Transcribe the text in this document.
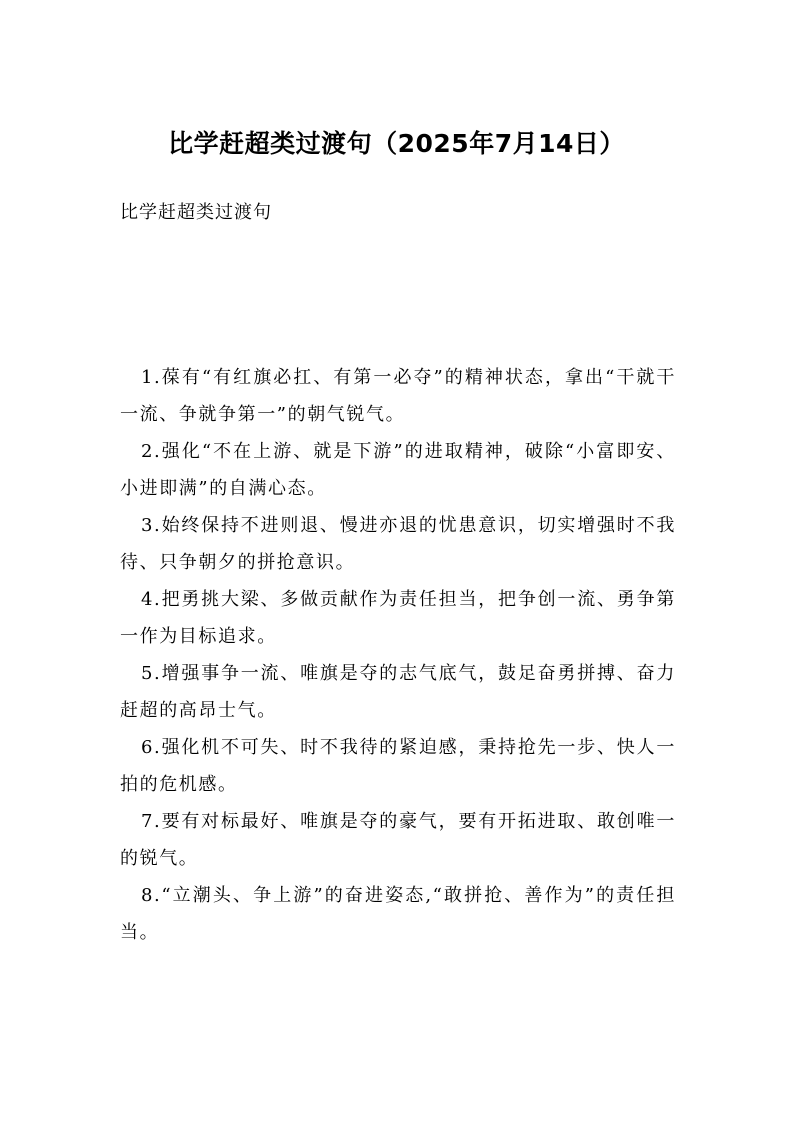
比学赶超类过渡句（2025年7月14日）
比学赶超类过渡句

1.葆有“有红旗必扛、有第一必夺”的精神状态，拿出“干就干一流、争就争第一”的朝气锐气。

2.强化“不在上游、就是下游”的进取精神，破除“小富即安、小进即满”的自满心态。

3.始终保持不进则退、慢进亦退的忧患意识，切实增强时不我待、只争朝夕的拼抢意识。

4.把勇挑大梁、多做贡献作为责任担当，把争创一流、勇争第一作为目标追求。

5.增强事争一流、唯旗是夺的志气底气，鼓足奋勇拼搏、奋力赶超的高昂士气。

6.强化机不可失、时不我待的紧迫感，秉持抢先一步、快人一拍的危机感。

7.要有对标最好、唯旗是夺的豪气，要有开拓进取、敢创唯一的锐气。

8.“立潮头、争上游”的奋进姿态,“敢拼抢、善作为”的责任担当。
